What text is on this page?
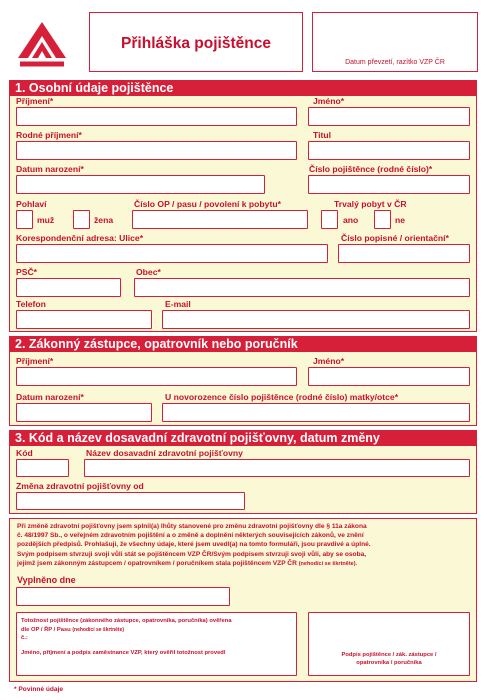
Přihláška pojištěnce
Datum převzetí, razítko VZP ČR
1. Osobní údaje pojištěnce
Příjmení*	Jméno*
Rodné příjmení*	Titul
Datum narození*	Číslo pojištěnce (rodné číslo)*
Pohlaví	Číslo OP / pasu / povolení k pobytu*	Trvalý pobyt v ČR
muž	žena	ano	ne
Korespondenční adresa: Ulice*	Číslo popisné / orientační*
PSČ*	Obec*
Telefon	E-mail
2. Zákonný zástupce, opatrovník nebo poručník
Příjmení*	Jméno*
Datum narození*	U novorozence číslo pojištěnce (rodné číslo) matky/otce*
3. Kód a název dosavadní zdravotní pojišťovny, datum změny
Kód	Název dosavadní zdravotní pojišťovny
Změna zdravotní pojišťovny od
Při změně zdravotní pojišťovny jsem splnil(a) lhůty stanovené pro změnu zdravotní pojišťovny dle § 11a zákona
č. 48/1997 Sb., o veřejném zdravotním pojištění a o změně a doplnění některých souvisejících zákonů, ve znění
pozdějších předpisů. Prohlašuji, že všechny údaje, které jsem uvedl(a) na tomto formuláři, jsou pravdivé a úplné.
Svým podpisem stvrzuji svoji vůli stát se pojištěncem VZP ČR/Svým podpisem stvrzuji svoji vůli, aby se osoba,
jejímž jsem zákonným zástupcem / opatrovníkem / poručníkem stala pojištěncem VZP ČR (nehodící se škrtněte).
Vyplněno dne
Totožnost pojištěnce (zákonného zástupce, opatrovníka, poručníka) ověřena
dle OP / ŘP / Pasu (nehodící se škrtněte)
č.:
Jméno, příjmení a podpis zaměstnance VZP, který ověřil totožnost provedl	Podpis pojištěnce / zák. zástupce /
opatrovníka / poručníka
* Povinné údaje
